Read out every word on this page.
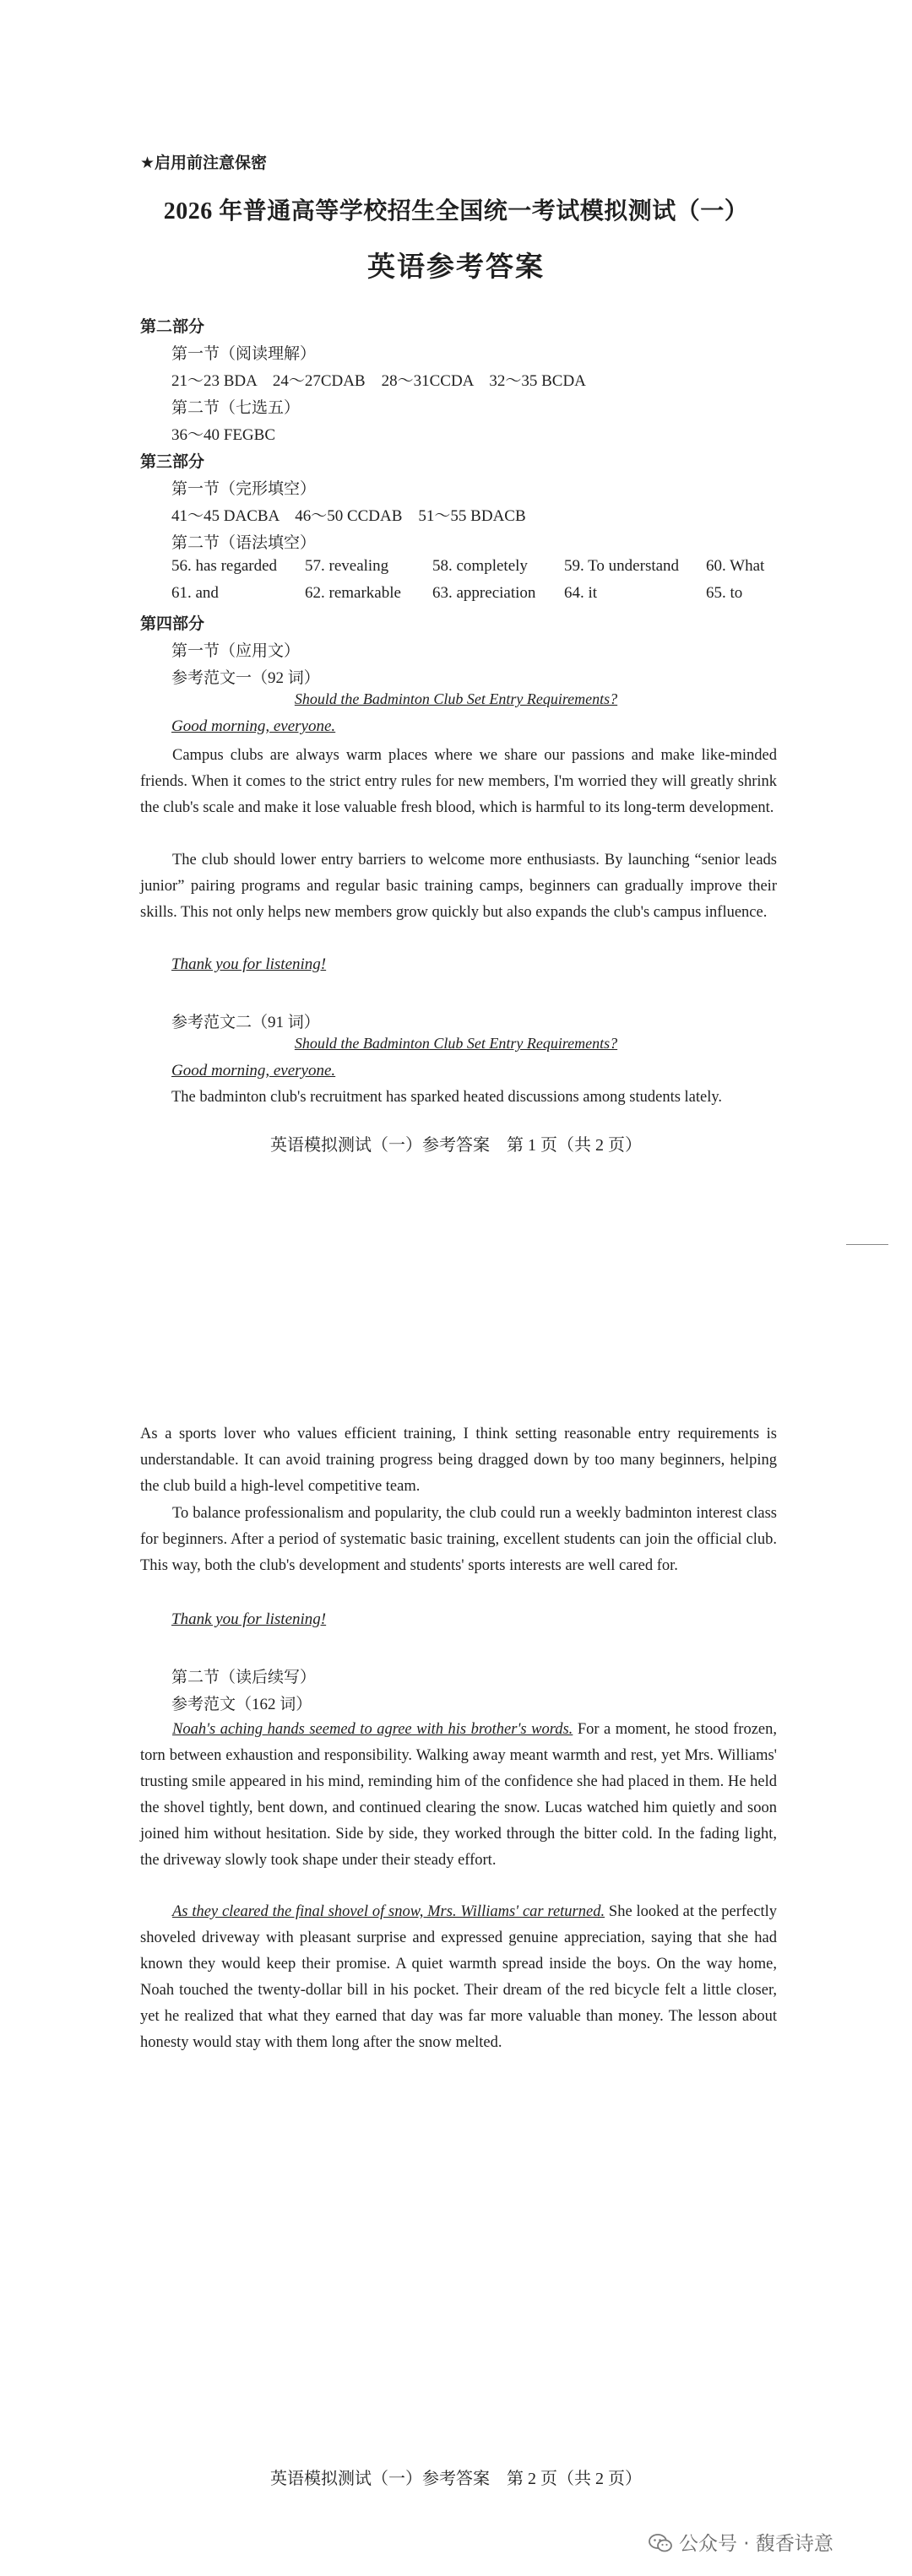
★启用前注意保密
2026 年普通高等学校招生全国统一考试模拟测试（一）
英语参考答案
第二部分
第一节（阅读理解）
21～23 BDA　24～27CDAB　28～31CCDA　32～35 BCDA
第二节（七选五）
36～40 FEGBC
第三部分
第一节（完形填空）
41～45 DACBA　46～50 CCDAB　51～55 BDACB
第二节（语法填空）
56. has regarded 57. revealing	58. completely 59. To understand 60. What
61. and	62. remarkable 63. appreciation 64. it	65. to
第四部分
第一节（应用文）
参考范文一（92 词）
Should the Badminton Club Set Entry Requirements?
Good morning, everyone.
Campus clubs are always warm places where we share our passions and make like-minded friends. When it comes to the strict entry rules for new members, I'm worried they will greatly shrink the club's scale and make it lose valuable fresh blood, which is harmful to its long-term development.
The club should lower entry barriers to welcome more enthusiasts. By launching “senior leads junior” pairing programs and regular basic training camps, beginners can gradually improve their skills. This not only helps new members grow quickly but also expands the club's campus influence.
Thank you for listening!
参考范文二（91 词）
Should the Badminton Club Set Entry Requirements?
Good morning, everyone.
The badminton club's recruitment has sparked heated discussions among students lately.
英语模拟测试（一）参考答案　第 1 页（共 2 页）
As a sports lover who values efficient training, I think setting reasonable entry requirements is understandable. It can avoid training progress being dragged down by too many beginners, helping the club build a high-level competitive team.
To balance professionalism and popularity, the club could run a weekly badminton interest class for beginners. After a period of systematic basic training, excellent students can join the official club. This way, both the club's development and students' sports interests are well cared for.
Thank you for listening!
第二节（读后续写）
参考范文（162 词）
Noah's aching hands seemed to agree with his brother's words. For a moment, he stood frozen, torn between exhaustion and responsibility. Walking away meant warmth and rest, yet Mrs. Williams' trusting smile appeared in his mind, reminding him of the confidence she had placed in them. He held the shovel tightly, bent down, and continued clearing the snow. Lucas watched him quietly and soon joined him without hesitation. Side by side, they worked through the bitter cold. In the fading light, the driveway slowly took shape under their steady effort.
As they cleared the final shovel of snow, Mrs. Williams' car returned. She looked at the perfectly shoveled driveway with pleasant surprise and expressed genuine appreciation, saying that she had known they would keep their promise. A quiet warmth spread inside the boys. On the way home, Noah touched the twenty-dollar bill in his pocket. Their dream of the red bicycle felt a little closer, yet he realized that what they earned that day was far more valuable than money. The lesson about honesty would stay with them long after the snow melted.
英语模拟测试（一）参考答案　第 2 页（共 2 页）
公众号 · 馥香诗意
